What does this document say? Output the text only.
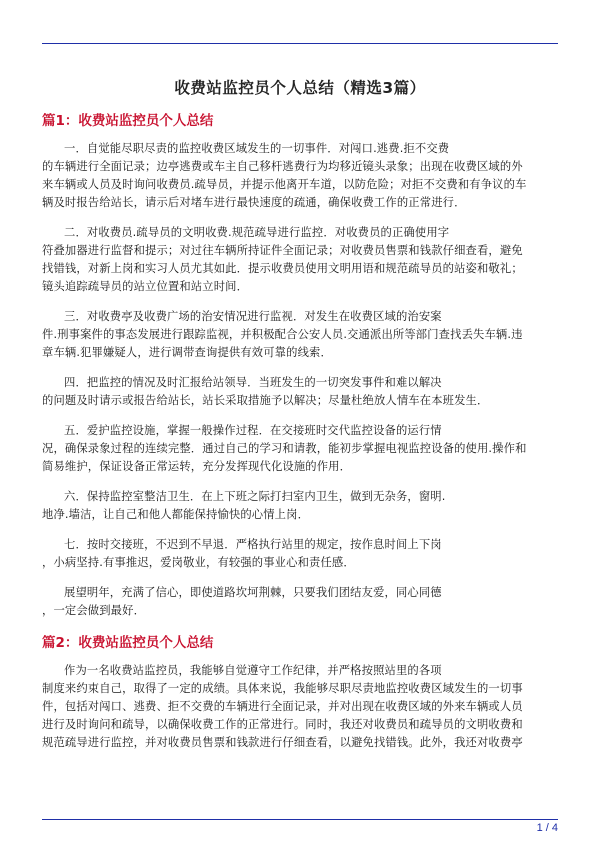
收费站监控员个人总结（精选3篇）
篇1：收费站监控员个人总结
一．自觉能尽职尽责的监控收费区域发生的一切事件．对闯口.逃费.拒不交费
的车辆进行全面记录；边亭逃费或车主自己移杆逃费行为均移近镜头录象；出现在收费区域的外
来车辆或人员及时询问收费员.疏导员，并提示他离开车道，以防危险；对拒不交费和有争议的车
辆及时报告给站长，请示后对堵车进行最快速度的疏通，确保收费工作的正常进行．
二．对收费员.疏导员的文明收费.规范疏导进行监控．对收费员的正确使用字
符叠加器进行监督和提示；对过往车辆所持证件全面记录；对收费员售票和钱款仔细查看，避免
找错钱，对新上岗和实习人员尤其如此．提示收费员使用文明用语和规范疏导员的站姿和敬礼；
镜头追踪疏导员的站立位置和站立时间．
三．对收费亭及收费广场的治安情况进行监视．对发生在收费区域的治安案
件.刑事案件的事态发展进行跟踪监视，并积极配合公安人员.交通派出所等部门查找丢失车辆.违
章车辆.犯罪嫌疑人，进行调带查询提供有效可靠的线索．
四．把监控的情况及时汇报给站领导．当班发生的一切突发事件和难以解决
的问题及时请示或报告给站长，站长采取措施予以解决；尽量杜绝放人情车在本班发生．
五．爱护监控设施，掌握一般操作过程．在交接班时交代监控设备的运行情
况，确保录象过程的连续完整．通过自己的学习和请教，能初步掌握电视监控设备的使用.操作和
简易维护，保证设备正常运转，充分发挥现代化设施的作用．
六．保持监控室整洁卫生．在上下班之际打扫室内卫生，做到无杂务，窗明.
地净.墙洁，让自己和他人都能保持愉快的心情上岗．
七．按时交接班，不迟到不早退．严格执行站里的规定，按作息时间上下岗
，小病坚持.有事推迟，爱岗敬业，有较强的事业心和责任感．
展望明年，充满了信心，即使道路坎坷荆棘，只要我们团结友爱，同心同德
，一定会做到最好．
篇2：收费站监控员个人总结
作为一名收费站监控员，我能够自觉遵守工作纪律，并严格按照站里的各项
制度来约束自己，取得了一定的成绩。具体来说，我能够尽职尽责地监控收费区域发生的一切事
件，包括对闯口、逃费、拒不交费的车辆进行全面记录，并对出现在收费区域的外来车辆或人员
进行及时询问和疏导，以确保收费工作的正常进行。同时，我还对收费员和疏导员的文明收费和
规范疏导进行监控，并对收费员售票和钱款进行仔细查看，以避免找错钱。此外，我还对收费亭
1 / 4
